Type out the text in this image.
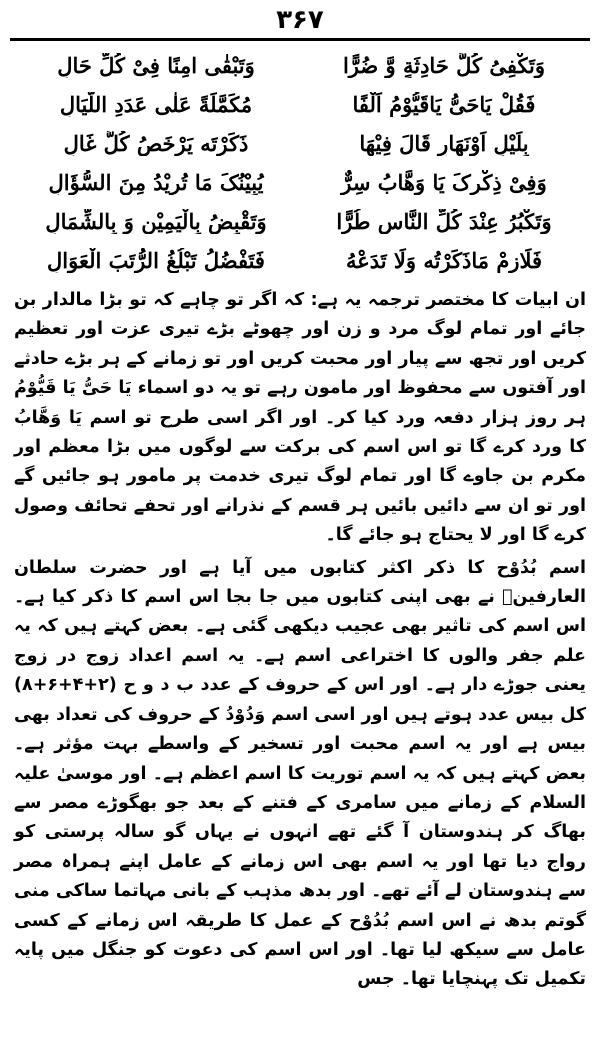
۳۶۷
وَتَکْفِیُ کُلَّ حَادِثَةٍ وَّ ضُرًّا
وَتَبْقٰی امِنًا فِیْ کُلِّ حَالِ
فَقُلْ یَاحَیُّ یَاقَیُّوْمُ اَلْفًا
مُکَمَّلَةً عَلٰی عَدَدِ اللَّیَالِ
بِلَیْلٍ اَوْنَهَارٍ قَالَ فِیْهَا
ذَکَرْتَه یَرْخَصُ کُلُّ غَالِ
وَفِیْ ذِکْرِکَ یَا وَهَّابُ سِرٌّ
یُبِیْنُکَ مَا تُرِیْدُ مِنَ السُّؤَالِ
وَتَکْبُرُ عِنْدَ کُلِّ النَّاسِ طُرًّا
وَتَقْبِضُ بِالْیَمِیْنِ وَ بِالشِّمَالِ
فَلَازِمْ مَاذَکَرْتُه وَلَا تَدَعْهُ
فَتَفْضُلُ تَبْلُغُ الرُّتَبَ الْعَوَالِ

ان ابیات کا مختصر ترجمہ یہ ہے: کہ اگر تو چاہے کہ تو بڑا مالدار بن جائے اور تمام لوگ مرد و زن اور چھوٹے بڑے تیری عزت اور تعظیم کریں اور تجھ سے پیار اور محبت کریں اور تو زمانے کے ہر بڑے حادثے اور آفتوں سے محفوظ اور مامون رہے تو یہ دو اسماء یَا حَیُّ یَا قَیُّوْمُ ہر روز ہزار دفعہ ورد کیا کر۔ اور اگر اسی طرح تو اسم یَا وَهَّابُ کا ورد کرے گا تو اس اسم کی برکت سے لوگوں میں بڑا معظم اور مکرم بن جاوے گا اور تمام لوگ تیری خدمت پر مامور ہو جائیں گے اور تو ان سے دائیں بائیں ہر قسم کے نذرانے اور تحفے تحائف وصول کرے گا اور لا یحتاج ہو جائے گا۔

اسم بُدُوْح کا ذکر اکثر کتابوں میں آیا ہے اور حضرت سلطان العارفینؒ نے بھی اپنی کتابوں میں جا بجا اس اسم کا ذکر کیا ہے۔ اس اسم کی تاثیر بھی عجیب دیکھی گئی ہے۔ بعض کہتے ہیں کہ یہ علم جفر والوں کا اختراعی اسم ہے۔ یہ اسم اعداد زوج در زوج یعنی جوڑے دار ہے۔ اور اس کے حروف کے عدد ب د و ح (۲+۴+۶+۸) کل بیس عدد ہوتے ہیں اور اسی اسم وَدُوْدُ کے حروف کی تعداد بھی بیس ہے اور یہ اسم محبت اور تسخیر کے واسطے بہت مؤثر ہے۔ بعض کہتے ہیں کہ یہ اسم توریت کا اسم اعظم ہے۔ اور موسیٰ علیہ السلام کے زمانے میں سامری کے فتنے کے بعد جو بھگوڑے مصر سے بھاگ کر ہندوستان آ گئے تھے انہوں نے یہاں گو سالہ پرستی کو رواج دیا تھا اور یہ اسم بھی اس زمانے کے عامل اپنے ہمراہ مصر سے ہندوستان لے آئے تھے۔ اور بدھ مذہب کے بانی مہاتما ساکی منی گوتم بدھ نے اس اسم بُدُوْح کے عمل کا طریقہ اس زمانے کے کسی عامل سے سیکھ لیا تھا۔ اور اس اسم کی دعوت کو جنگل میں پایہ تکمیل تک پہنچایا تھا۔ جس
